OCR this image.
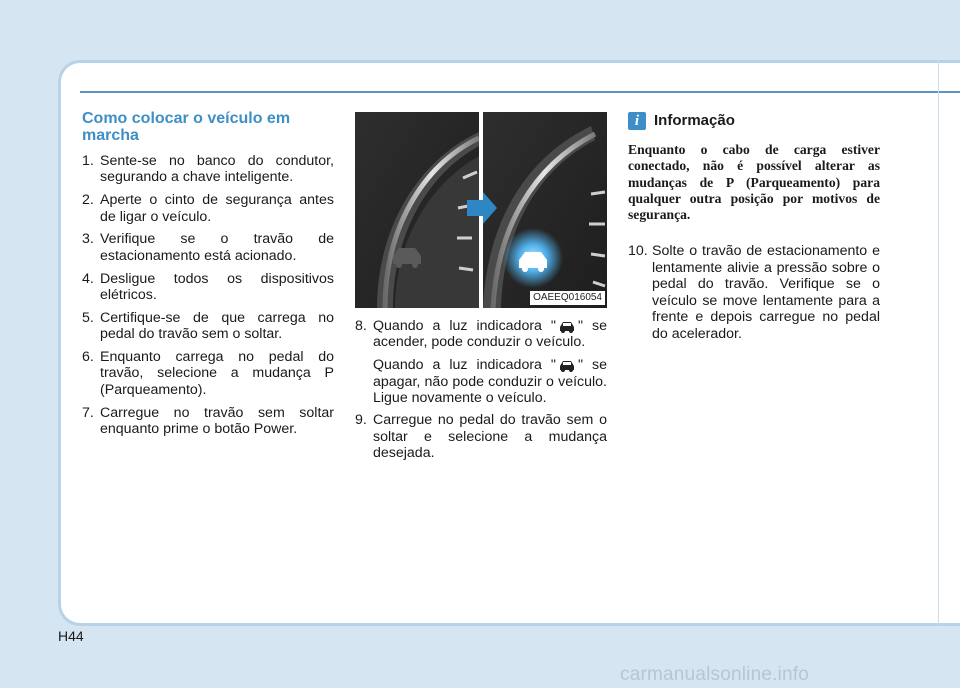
Como colocar o veículo em marcha
1. Sente-se no banco do condutor, segurando a chave inteligente.
2. Aperte o cinto de segurança antes de ligar o veículo.
3. Verifique se o travão de estacionamento está acionado.
4. Desligue todos os dispositivos elétricos.
5. Certifique-se de que carrega no pedal do travão sem o soltar.
6. Enquanto carrega no pedal do travão, selecione a mudança P (Parqueamento).
7. Carregue no travão sem soltar enquanto prime o botão Power.
OAEEQ016054
8. Quando a luz indicadora " " se acender, pode conduzir o veículo.

Quando a luz indicadora " " se apagar, não pode conduzir o veículo. Ligue novamente o veículo.

9. Carregue no pedal do travão sem o soltar e selecione a mudança desejada.
i Informação

Enquanto o cabo de carga estiver conectado, não é possível alterar as mudanças de P (Parqueamento) para qualquer outra posição por motivos de segurança.

10. Solte o travão de estacionamento e lentamente alivie a pressão sobre o pedal do travão. Verifique se o veículo se move lentamente para a frente e depois carregue no pedal do acelerador.
H44
carmanualsonline.info
